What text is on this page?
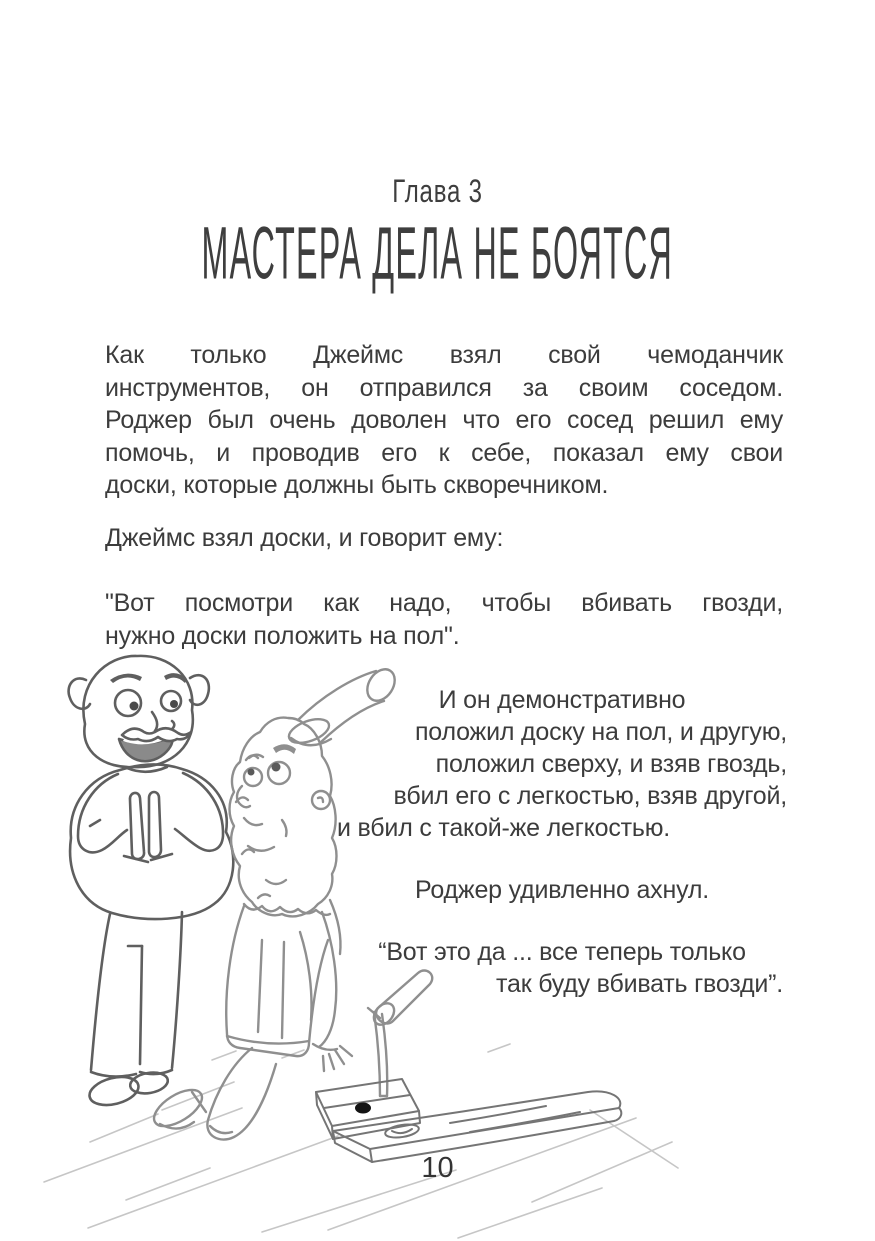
Глава 3
МАСТЕРА ДЕЛА НЕ БОЯТСЯ
Как только Джеймс взял свой чемоданчик
инструментов, он отправился за своим соседом.
Роджер был очень доволен что его сосед решил ему
помочь, и проводив его к себе, показал ему свои
доски, которые должны быть скворечником.
Джеймс взял доски, и говорит ему:
"Вот посмотри как надо, чтобы вбивать гвозди,
нужно доски положить на пол".
И он демонстративно
положил доску на пол, и другую,
положил сверху, и взяв гвоздь,
вбил его с легкостью, взяв другой,
и вбил с такой-же легкостью.
Роджер удивленно ахнул.
“Вот это да ... все теперь только
так буду вбивать гвозди”.
10
